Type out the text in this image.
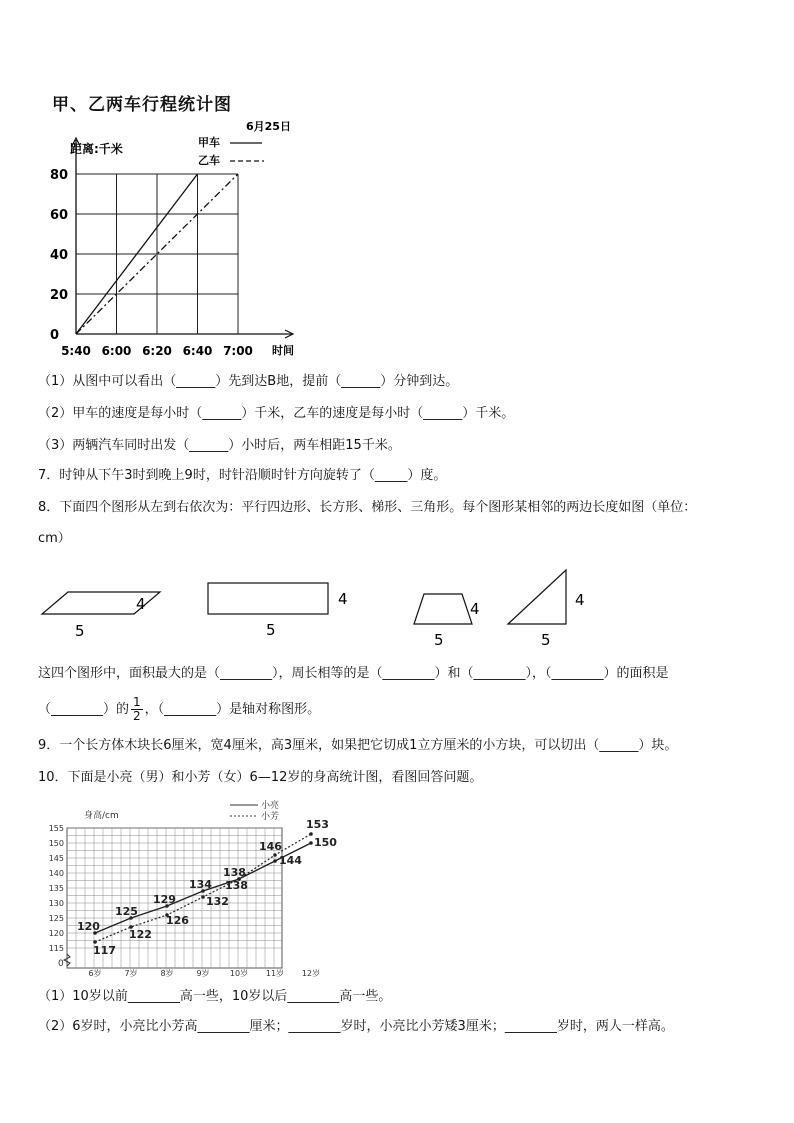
甲、乙两车行程统计图
6月25日
甲车
乙车
距离:千米
0
20
40
60
80
5:40 6:00 6:20 6:40 7:00 时间
（1）从图中可以看出（______）先到达B地，提前（______）分钟到达。
（2）甲车的速度是每小时（______）千米，乙车的速度是每小时（______）千米。
（3）两辆汽车同时出发（______）小时后，两车相距15千米。
7．时钟从下午3时到晚上9时，时针沿顺时针方向旋转了（_____）度。
8．下面四个图形从左到右依次为：平行四边形、长方形、梯形、三角形。每个图形某相邻的两边长度如图（单位：
cm）
5
4
5
4
5
4
5
4
这四个图形中，面积最大的是（________），周长相等的是（________）和（________），（________）的面积是
（________）的 $\frac{1}{2}$ ，（________）是轴对称图形。
9．一个长方体木块长6厘米，宽4厘米，高3厘米，如果把它切成1立方厘米的小方块，可以切出（______）块。
10．下面是小亮（男）和小芳（女）6—12岁的身高统计图，看图回答问题。
身高/cm
小亮
小芳
115
120
125
130
135
140
145
150
155
6岁	7岁	8岁	9岁	10岁 11岁 12岁
0
120
125
129
134
138
144
150
117
122
126
132
138
146
153
（1）10岁以前________高一些，10岁以后________高一些。
（2）6岁时，小亮比小芳高________厘米；________岁时，小亮比小芳矮3厘米；________岁时，两人一样高。
